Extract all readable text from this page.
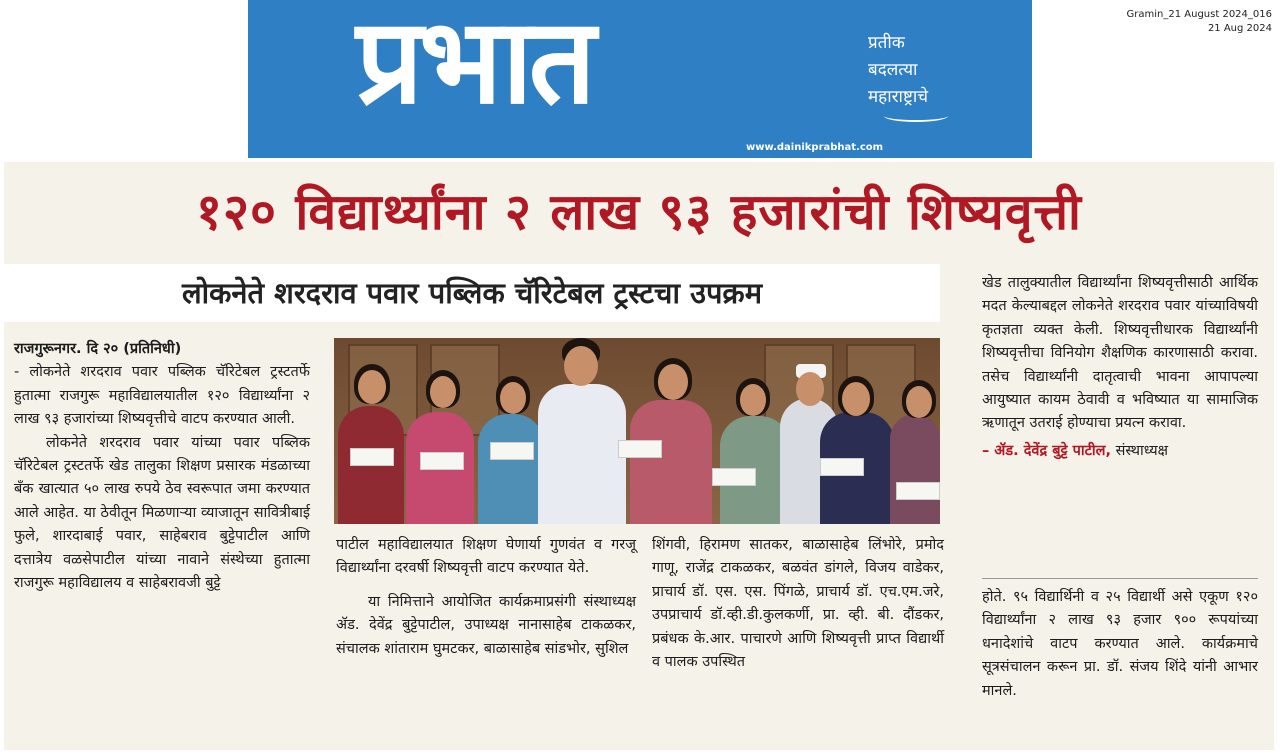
प्रभात	प्रतीक
बदलत्या
महाराष्ट्राचे
www.dainikprabhat.com
Gramin_21 August 2024_016
21 Aug 2024
१२० विद्यार्थ्यांना २ लाख ९३ हजारांची शिष्यवृत्ती
लोकनेते शरदराव पवार पब्लिक चॅरिटेबल ट्रस्टचा उपक्रम

राजगुरूनगर. दि २० (प्रतिनिधी)

- लोकनेते शरदराव पवार पब्लिक चॅरिटेबल ट्रस्टतर्फे हुतात्मा राजगुरू महाविद्यालयातील १२० विद्यार्थ्यांना २ लाख ९३ हजारांच्या शिष्यवृत्तीचे वाटप करण्यात आली.

लोकनेते शरदराव पवार यांच्या पवार पब्लिक चॅरिटेबल ट्रस्टतर्फे खेड तालुका शिक्षण प्रसारक मंडळाच्या बँक खात्यात ५० लाख रुपये ठेव स्वरूपात जमा करण्यात आले आहेत. या ठेवीतून मिळणाऱ्या व्याजातून सावित्रीबाई फुले, शारदाबाई पवार, साहेबराव बुट्टेपाटील आणि दत्तात्रेय वळसेपाटील यांच्या नावाने संस्थेच्या हुतात्मा राजगुरू महाविद्यालय व साहेबरावजी बुट्टे

पाटील महाविद्यालयात शिक्षण घेणार्या गुणवंत व गरजू विद्यार्थ्यांना दरवर्षी शिष्यवृत्ती वाटप करण्यात येते.

या निमित्ताने आयोजित कार्यक्रमाप्रसंगी संस्थाध्यक्ष ॲड. देवेंद्र बुट्टेपाटील, उपाध्यक्ष नानासाहेब टाकळकर, संचालक शांताराम घुमटकर, बाळासाहेब सांडभोर, सुशिल

शिंगवी, हिरामण सातकर, बाळासाहेब लिंभोरे, प्रमोद गाणू, राजेंद्र टाकळकर, बळवंत डांगले, विजय वाडेकर, प्राचार्य डॉ. एस. एस. पिंगळे, प्राचार्य डॉ. एच.एम.जरे, उपप्राचार्य डॉ.व्ही.डी.कुलकर्णी, प्रा. व्ही. बी. दौंडकर, प्रबंधक के.आर. पाचारणे आणि शिष्यवृत्ती प्राप्त विद्यार्थी व पालक उपस्थित

खेड तालुक्यातील विद्यार्थ्यांना शिष्यवृत्तीसाठी आर्थिक मदत केल्याबद्दल लोकनेते शरदराव पवार यांच्याविषयी कृतज्ञता व्यक्त केली. शिष्यवृत्तीधारक विद्यार्थ्यांनी शिष्यवृत्तीचा विनियोग शैक्षणिक कारणासाठी करावा. तसेच विद्यार्थ्यांनी दातृत्वाची भावना आपापल्या आयुष्यात कायम ठेवावी व भविष्यात या सामाजिक ऋणातून उतराई होण्याचा प्रयत्न करावा.

– ॲड. देवेंद्र बुट्टे पाटील, संस्थाध्यक्ष

होते. ९५ विद्यार्थिनी व २५ विद्यार्थी असे एकूण १२० विद्यार्थ्यांना २ लाख ९३ हजार ९०० रूपयांच्या धनादेशांचे वाटप करण्यात आले. कार्यक्रमाचे सूत्रसंचालन करून प्रा. डॉ. संजय शिंदे यांनी आभार मानले.
